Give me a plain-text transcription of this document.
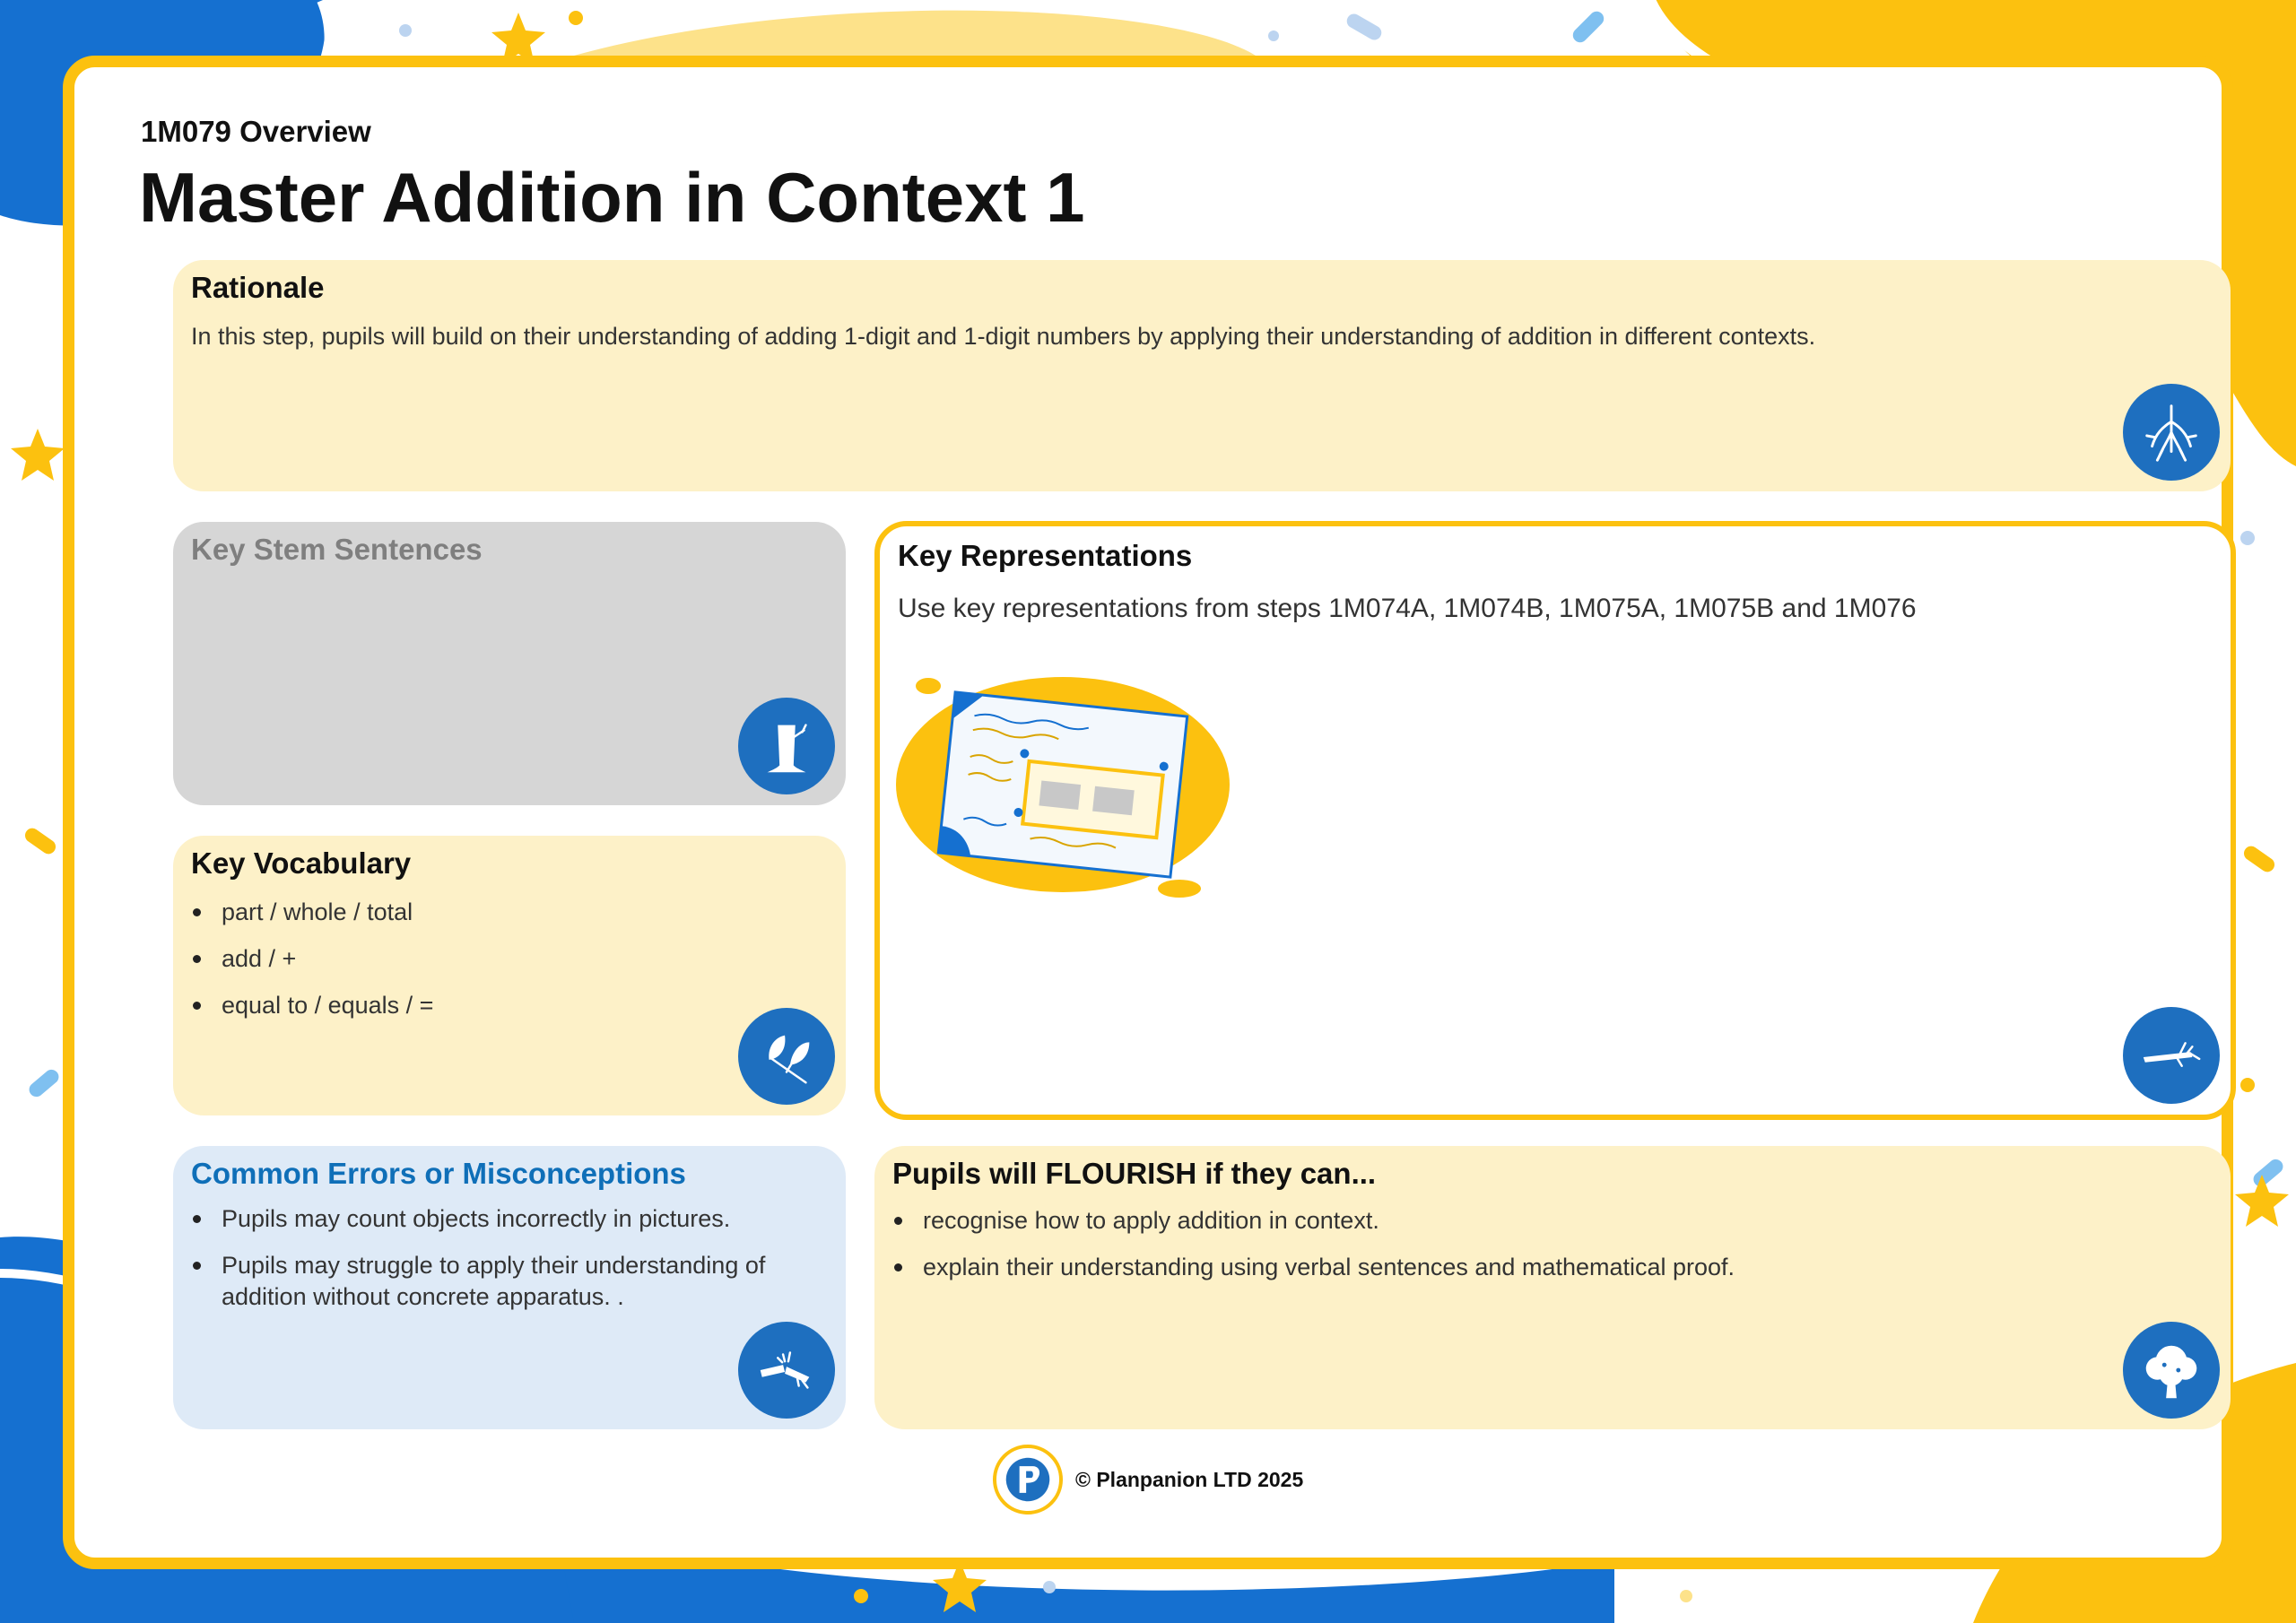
1M079 Overview
Master Addition in Context 1
Rationale

In this step, pupils will build on their understanding of adding 1-digit and 1-digit numbers by applying their understanding of addition in different contexts.

Key Stem Sentences
Key Vocabulary
part / whole / total
add / +
equal to / equals / =
Common Errors or Misconceptions
Pupils may count objects incorrectly in pictures.
Pupils may struggle to apply their understanding of addition without concrete apparatus. .
Key Representations

Use key representations from steps 1M074A, 1M074B, 1M075A, 1M075B and 1M076

Pupils will FLOURISH if they can...
recognise how to apply addition in context.
explain their understanding using verbal sentences and mathematical proof.
© Planpanion LTD 2025
